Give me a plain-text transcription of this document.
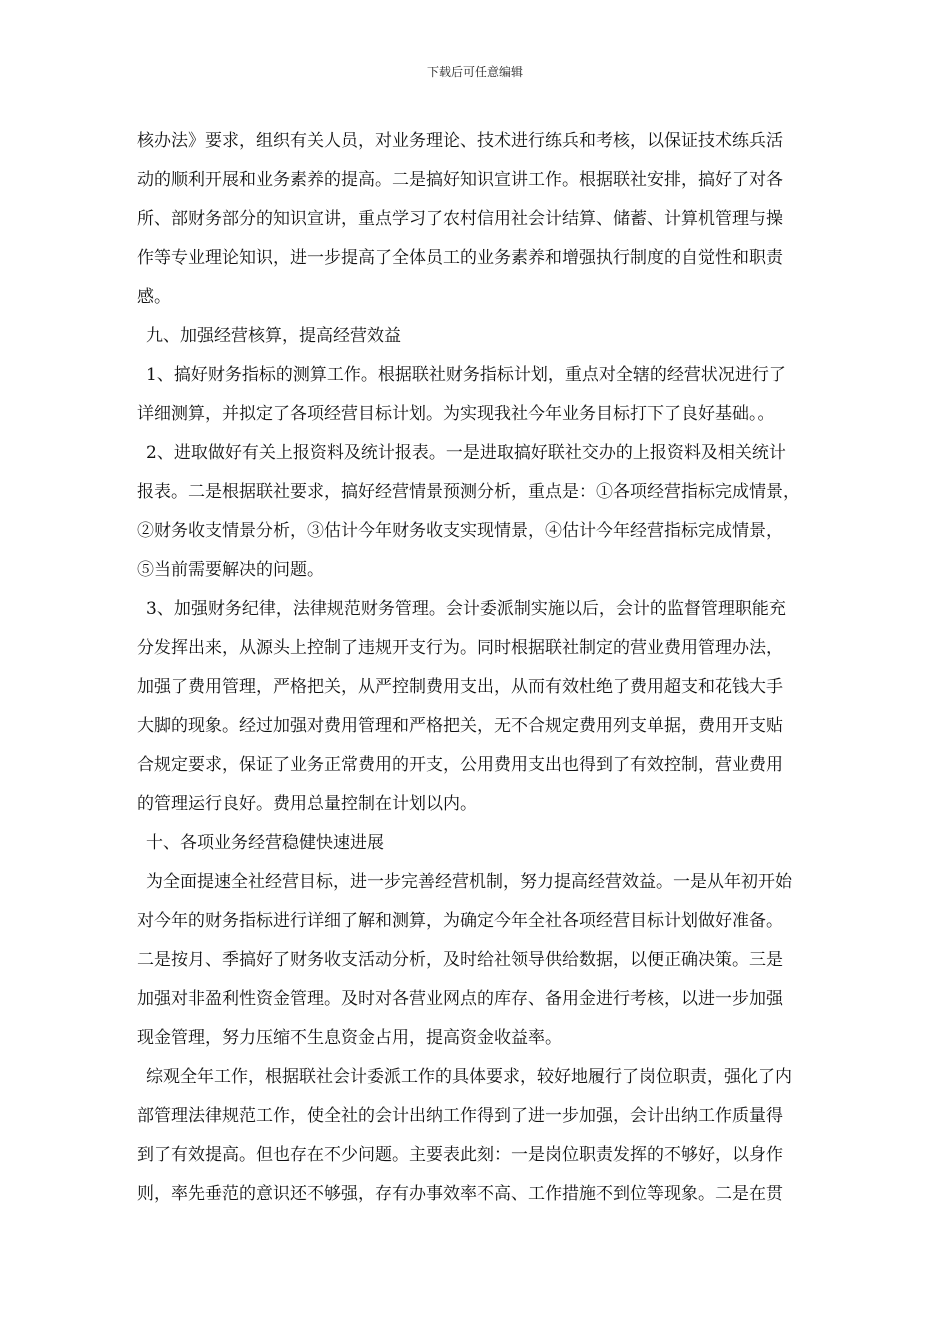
下载后可任意编辑
核办法》要求，组织有关人员，对业务理论、技术进行练兵和考核，以保证技术练兵活
动的顺利开展和业务素养的提高。二是搞好知识宣讲工作。根据联社安排，搞好了对各
所、部财务部分的知识宣讲，重点学习了农村信用社会计结算、储蓄、计算机管理与操
作等专业理论知识，进一步提高了全体员工的业务素养和增强执行制度的自觉性和职责
感。
九、加强经营核算，提高经营效益
1、搞好财务指标的测算工作。根据联社财务指标计划，重点对全辖的经营状况进行了
详细测算，并拟定了各项经营目标计划。为实现我社今年业务目标打下了良好基础。。
2、进取做好有关上报资料及统计报表。一是进取搞好联社交办的上报资料及相关统计
报表。二是根据联社要求，搞好经营情景预测分析，重点是：①各项经营指标完成情景，
②财务收支情景分析，③估计今年财务收支实现情景，④估计今年经营指标完成情景，
⑤当前需要解决的问题。
3、加强财务纪律，法律规范财务管理。会计委派制实施以后，会计的监督管理职能充
分发挥出来，从源头上控制了违规开支行为。同时根据联社制定的营业费用管理办法，
加强了费用管理，严格把关，从严控制费用支出，从而有效杜绝了费用超支和花钱大手
大脚的现象。经过加强对费用管理和严格把关，无不合规定费用列支单据，费用开支贴
合规定要求，保证了业务正常费用的开支，公用费用支出也得到了有效控制，营业费用
的管理运行良好。费用总量控制在计划以内。
十、各项业务经营稳健快速进展
为全面提速全社经营目标，进一步完善经营机制，努力提高经营效益。一是从年初开始
对今年的财务指标进行详细了解和测算，为确定今年全社各项经营目标计划做好准备。
二是按月、季搞好了财务收支活动分析，及时给社领导供给数据，以便正确决策。三是
加强对非盈利性资金管理。及时对各营业网点的库存、备用金进行考核，以进一步加强
现金管理，努力压缩不生息资金占用，提高资金收益率。
综观全年工作，根据联社会计委派工作的具体要求，较好地履行了岗位职责，强化了内
部管理法律规范工作，使全社的会计出纳工作得到了进一步加强，会计出纳工作质量得
到了有效提高。但也存在不少问题。主要表此刻：一是岗位职责发挥的不够好，以身作
则，率先垂范的意识还不够强，存有办事效率不高、工作措施不到位等现象。二是在贯
